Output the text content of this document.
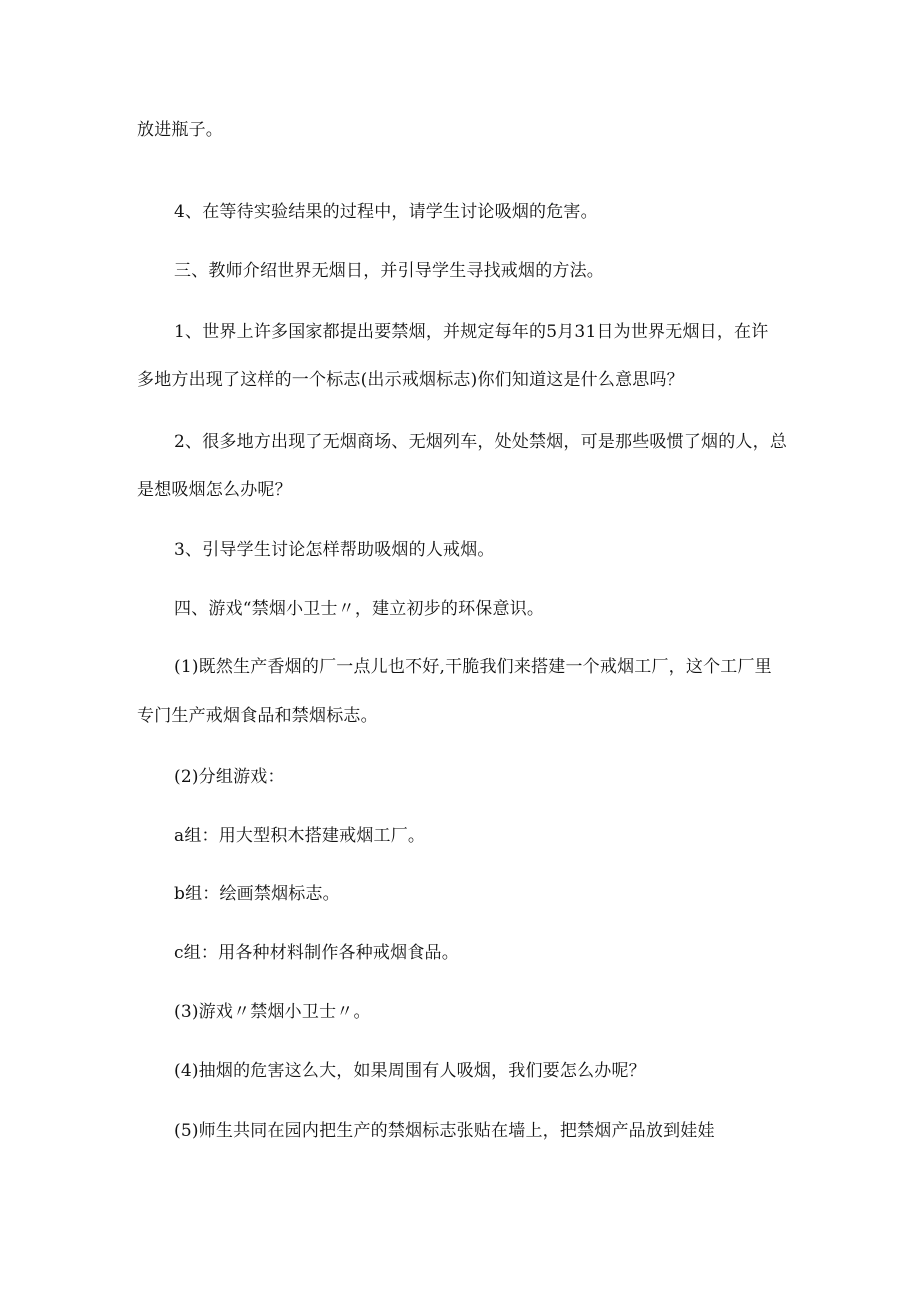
放进瓶子。
4、在等待实验结果的过程中，请学生讨论吸烟的危害。
三、教师介绍世界无烟日，并引导学生寻找戒烟的方法。
1、世界上许多国家都提出要禁烟，并规定每年的5月31日为世界无烟日，在许
多地方出现了这样的一个标志(出示戒烟标志)你们知道这是什么意思吗？
2、很多地方出现了无烟商场、无烟列车，处处禁烟，可是那些吸惯了烟的人，总
是想吸烟怎么办呢？
3、引导学生讨论怎样帮助吸烟的人戒烟。
四、游戏“禁烟小卫士〃，建立初步的环保意识。
(1)既然生产香烟的厂一点儿也不好,干脆我们来搭建一个戒烟工厂，这个工厂里
专门生产戒烟食品和禁烟标志。
(2)分组游戏：
a组：用大型积木搭建戒烟工厂。
b组：绘画禁烟标志。
c组：用各种材料制作各种戒烟食品。
(3)游戏〃禁烟小卫士〃。
(4)抽烟的危害这么大，如果周围有人吸烟，我们要怎么办呢？
(5)师生共同在园内把生产的禁烟标志张贴在墙上，把禁烟产品放到娃娃
